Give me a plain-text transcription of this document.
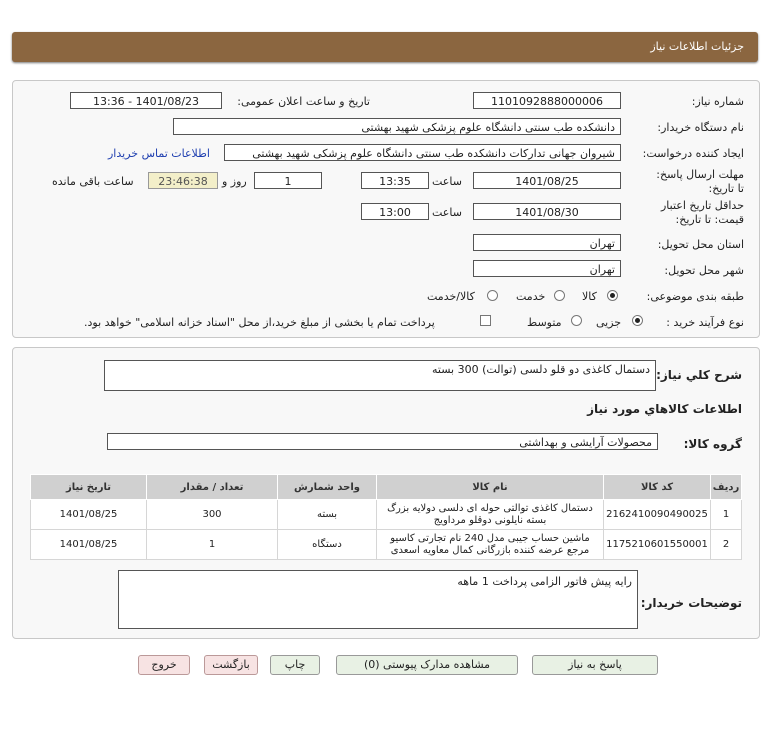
جزئیات اطلاعات نیاز
شماره نیاز:
1101092888000006
تاریخ و ساعت اعلان عمومی:
1401/08/23 - 13:36
نام دستگاه خریدار:
دانشکده طب سنتی دانشگاه علوم پزشکی شهید بهشتی
ایجاد کننده درخواست:
شیروان جهانی تدارکات دانشکده طب سنتی دانشگاه علوم پزشکی شهید بهشتی
اطلاعات تماس خریدار
مهلت ارسال پاسخ: تا تاریخ:
1401/08/25
ساعت
13:35
1
روز و
23:46:38
ساعت باقی مانده
حداقل تاریخ اعتبار قیمت: تا تاریخ:
1401/08/30
ساعت
13:00
استان محل تحویل:
تهران
شهر محل تحویل:
تهران
طبقه بندی موضوعی:
کالا
خدمت
کالا/خدمت
نوع فرآیند خرید :
جزیی
متوسط
پرداخت تمام یا بخشی از مبلغ خرید،از محل "اسناد خزانه اسلامی" خواهد بود.
شرح کلي نياز:
دستمال کاغذی دو قلو دلسی (توالت) 300 بسته
اطلاعات کالاهاي مورد نياز
گروه کالا:
محصولات آرایشی و بهداشتی
ردیف	کد کالا	نام کالا	واحد شمارش	تعداد / مقدار	تاریخ نیاز
1	2162410090490025	دستمال کاغذی توالتی حوله ای دلسی دولایه بزرگ بسته نایلونی دوقلو مرداویج	بسته	300	1401/08/25
2	1175210601550001	ماشین حساب جیبی مدل 240 نام تجارتی کاسیو مرجع عرضه کننده بازرگانی کمال معاویه اسعدی	دستگاه	1	1401/08/25
توضیحات خریدار:
رایه پیش فاتور الزامی پرداخت 1 ماهه
پاسخ به نیاز
مشاهده مدارک پیوستی (0)
چاپ
بازگشت
خروج
